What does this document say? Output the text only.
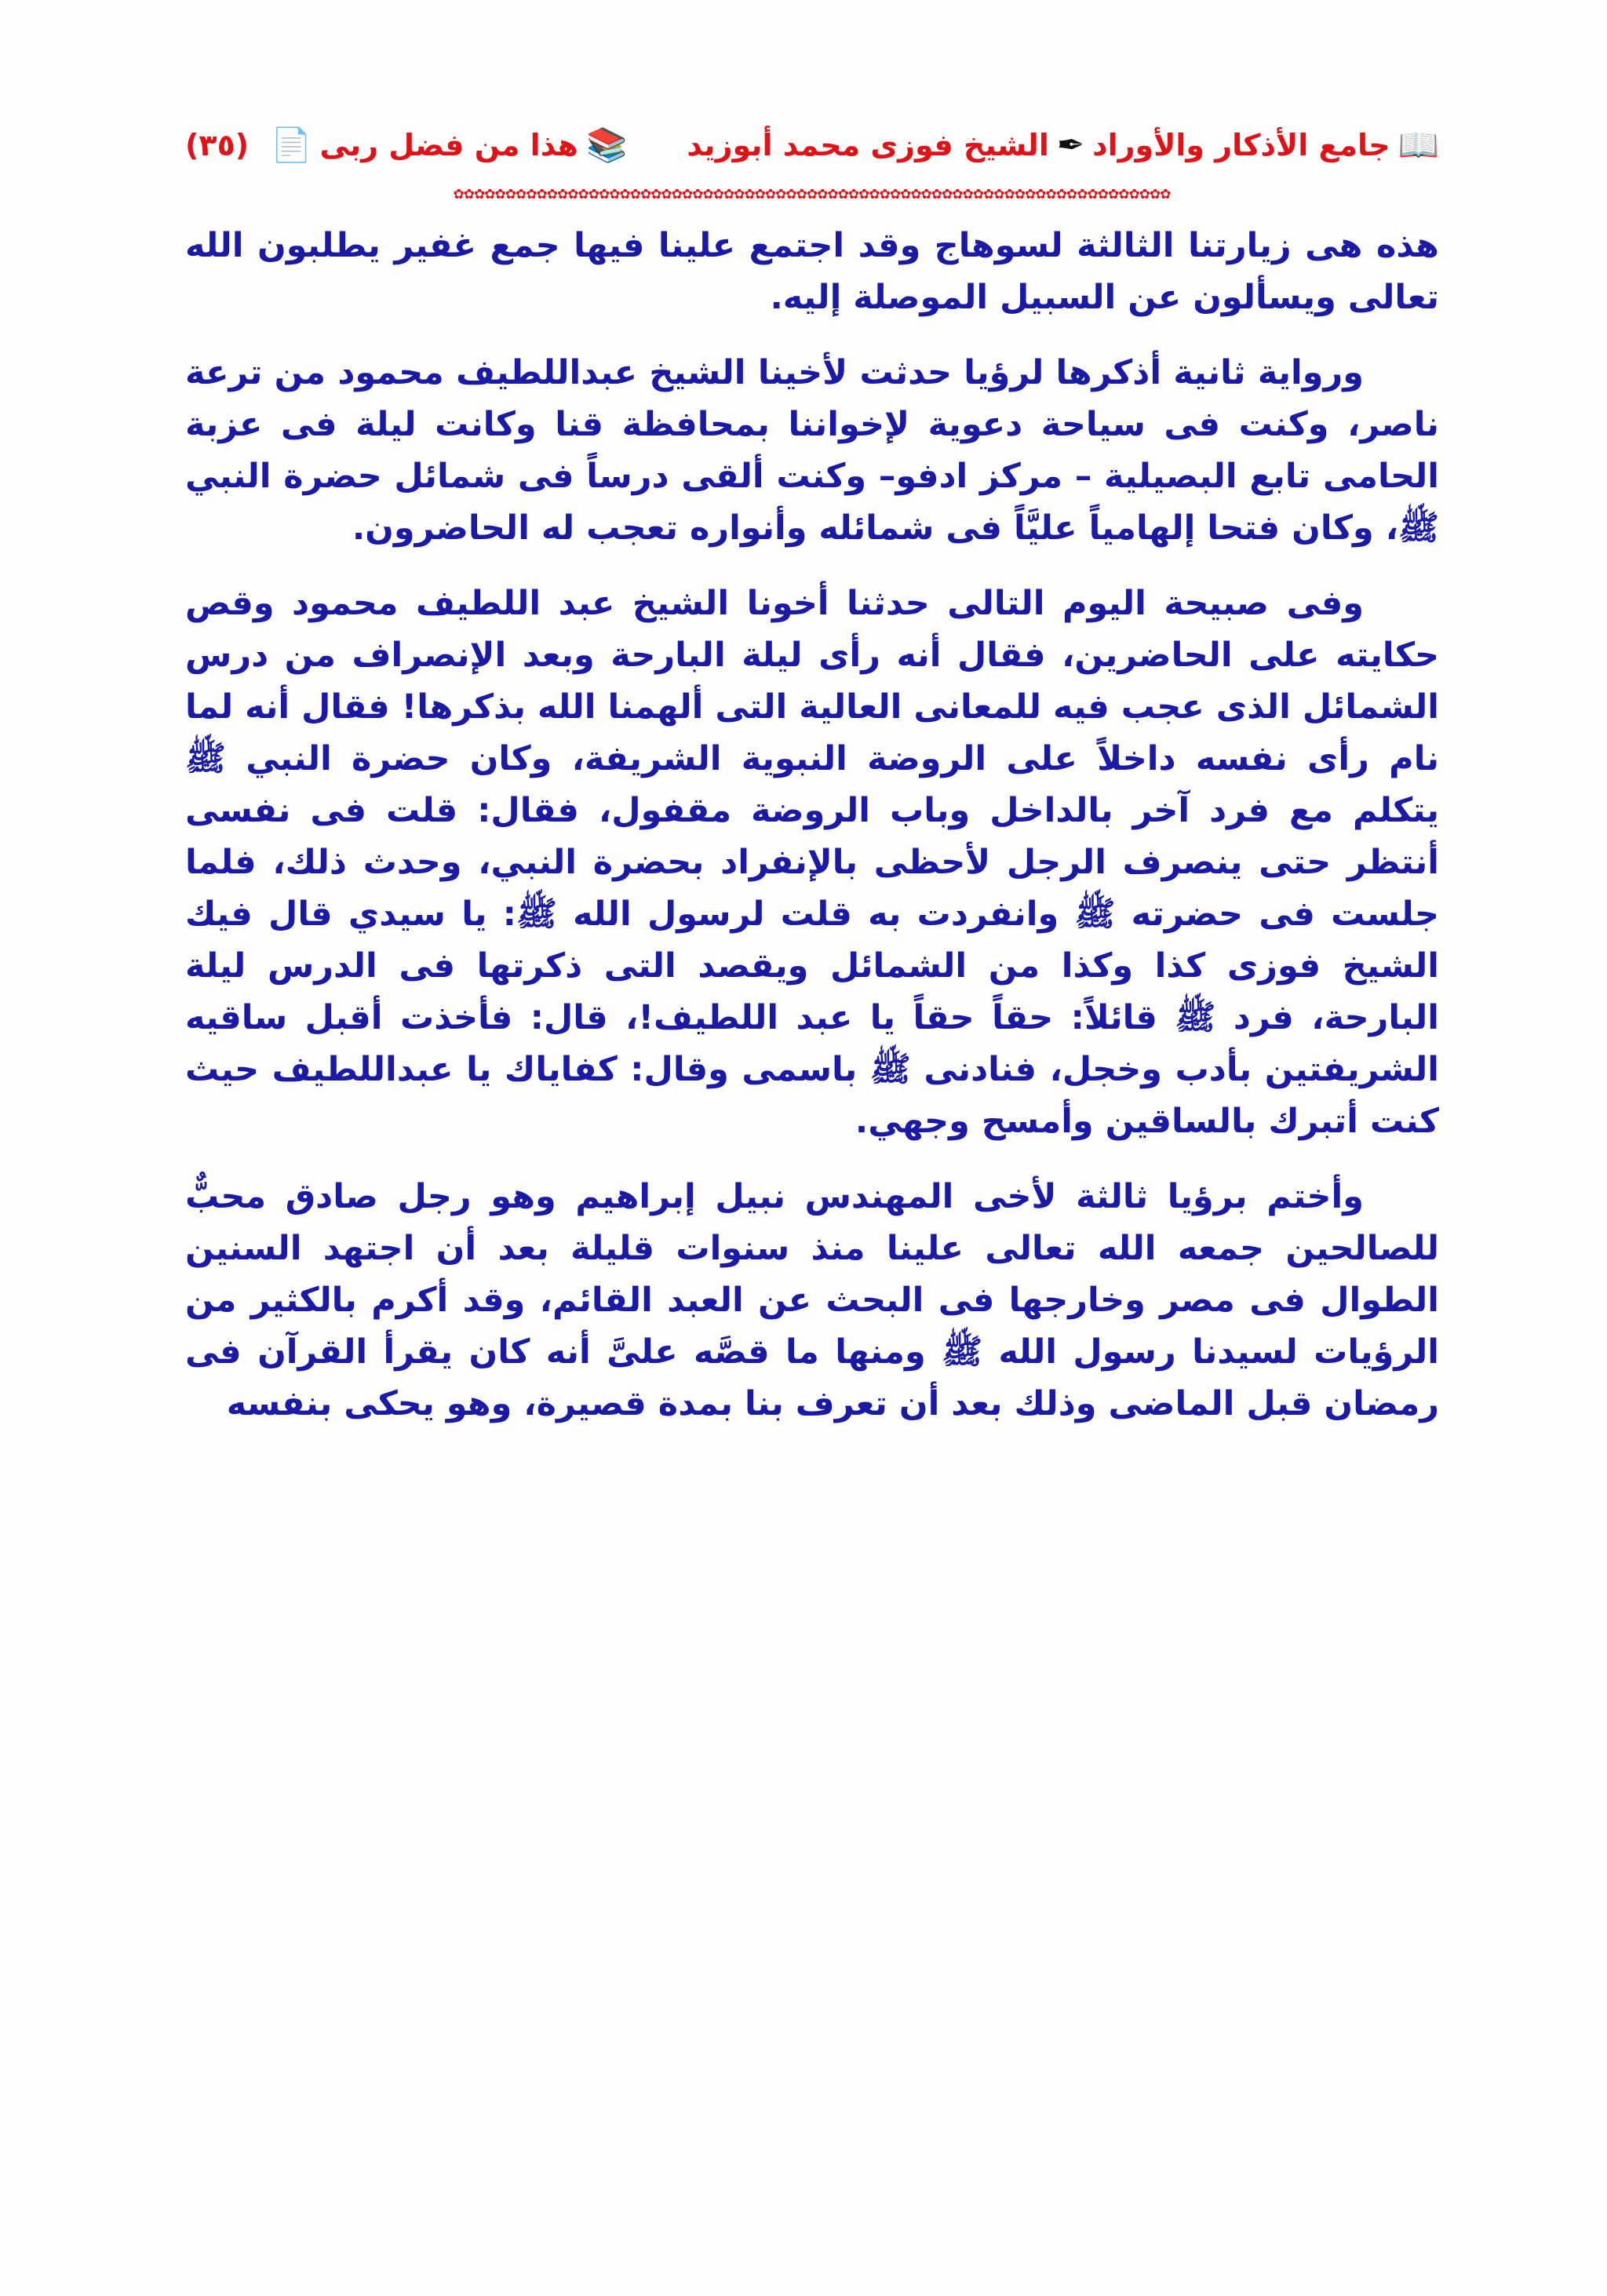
📖
جامع الأذكار والأوراد
✒
الشيخ فوزى محمد أبوزيد
📚
هذا من فضل ربى
📄
(٣٥)
✿✿✿✿✿✿✿✿✿✿✿✿✿✿✿✿✿✿✿✿✿✿✿✿✿✿✿✿✿✿✿✿✿✿✿✿✿✿✿✿✿✿✿✿✿✿✿✿✿✿✿✿✿✿✿✿✿✿✿✿✿✿✿✿✿✿✿✿✿

هذه هى زيارتنا الثالثة لسوهاج وقد اجتمع علينا فيها جمع غفير يطلبون الله تعالى ويسألون عن السبيل الموصلة إليه.

ورواية ثانية أذكرها لرؤيا حدثت لأخينا الشيخ عبداللطيف محمود من ترعة ناصر، وكنت فى سياحة دعوية لإخواننا بمحافظة قنا وكانت ليلة فى عزبة الحامى تابع البصيلية – مركز ادفو– وكنت ألقى درساً فى شمائل حضرة النبي ﷺ، وكان فتحا إلهامياً عليَّاً فى شمائله وأنواره تعجب له الحاضرون.

وفى صبيحة اليوم التالى حدثنا أخونا الشيخ عبد اللطيف محمود وقص حكايته على الحاضرين، فقال أنه رأى ليلة البارحة وبعد الإنصراف من درس الشمائل الذى عجب فيه للمعانى العالية التى ألهمنا الله بذكرها! فقال أنه لما نام رأى نفسه داخلاً على الروضة النبوية الشريفة، وكان حضرة النبي ﷺ يتكلم مع فرد آخر بالداخل وباب الروضة مقفول، فقال: قلت فى نفسى أنتظر حتى ينصرف الرجل لأحظى بالإنفراد بحضرة النبي، وحدث ذلك، فلما جلست فى حضرته ﷺ وانفردت به قلت لرسول الله ﷺ: يا سيدي قال فيك الشيخ فوزى كذا وكذا من الشمائل ويقصد التى ذكرتها فى الدرس ليلة البارحة، فرد ﷺ قائلاً: حقاً حقاً يا عبد اللطيف!، قال: فأخذت أقبل ساقيه الشريفتين بأدب وخجل، فنادنى ﷺ باسمى وقال: كفاياك يا عبداللطيف حيث كنت أتبرك بالساقين وأمسح وجهي.

وأختم برؤيا ثالثة لأخى المهندس نبيل إبراهيم وهو رجل صادق محبٌّ للصالحين جمعه الله تعالى علينا منذ سنوات قليلة بعد أن اجتهد السنين الطوال فى مصر وخارجها فى البحث عن العبد القائم، وقد أكرم بالكثير من الرؤيات لسيدنا رسول الله ﷺ ومنها ما قصَّه علىَّ أنه كان يقرأ القرآن فى رمضان قبل الماضى وذلك بعد أن تعرف بنا بمدة قصيرة، وهو يحكى بنفسه
